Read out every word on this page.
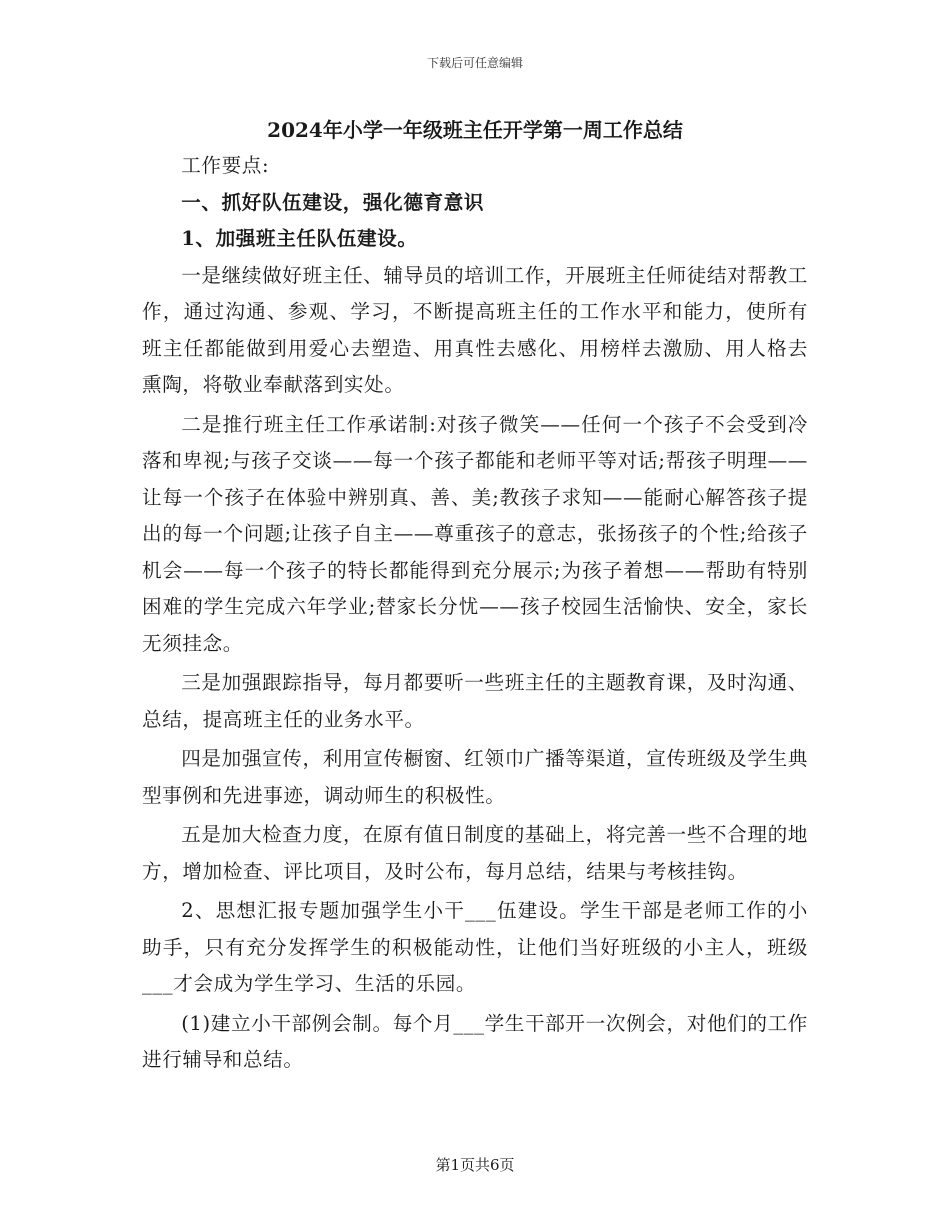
下载后可任意编辑
2024年小学一年级班主任开学第一周工作总结

工作要点:

一、抓好队伍建设，强化德育意识

1、加强班主任队伍建设。

一是继续做好班主任、辅导员的培训工作，开展班主任师徒结对帮教工作，通过沟通、参观、学习，不断提高班主任的工作水平和能力，使所有班主任都能做到用爱心去塑造、用真性去感化、用榜样去激励、用人格去熏陶，将敬业奉献落到实处。

二是推行班主任工作承诺制:对孩子微笑——任何一个孩子不会受到冷落和卑视;与孩子交谈——每一个孩子都能和老师平等对话;帮孩子明理——让每一个孩子在体验中辨别真、善、美;教孩子求知——能耐心解答孩子提出的每一个问题;让孩子自主——尊重孩子的意志，张扬孩子的个性;给孩子机会——每一个孩子的特长都能得到充分展示;为孩子着想——帮助有特别困难的学生完成六年学业;替家长分忧——孩子校园生活愉快、安全，家长无须挂念。

三是加强跟踪指导，每月都要听一些班主任的主题教育课，及时沟通、总结，提高班主任的业务水平。

四是加强宣传，利用宣传橱窗、红领巾广播等渠道，宣传班级及学生典型事例和先进事迹，调动师生的积极性。

五是加大检查力度，在原有值日制度的基础上，将完善一些不合理的地方，增加检查、评比项目，及时公布，每月总结，结果与考核挂钩。

2、思想汇报专题加强学生小干___伍建设。学生干部是老师工作的小助手，只有充分发挥学生的积极能动性，让他们当好班级的小主人，班级___才会成为学生学习、生活的乐园。

(1)建立小干部例会制。每个月___学生干部开一次例会，对他们的工作进行辅导和总结。

第1页共6页
